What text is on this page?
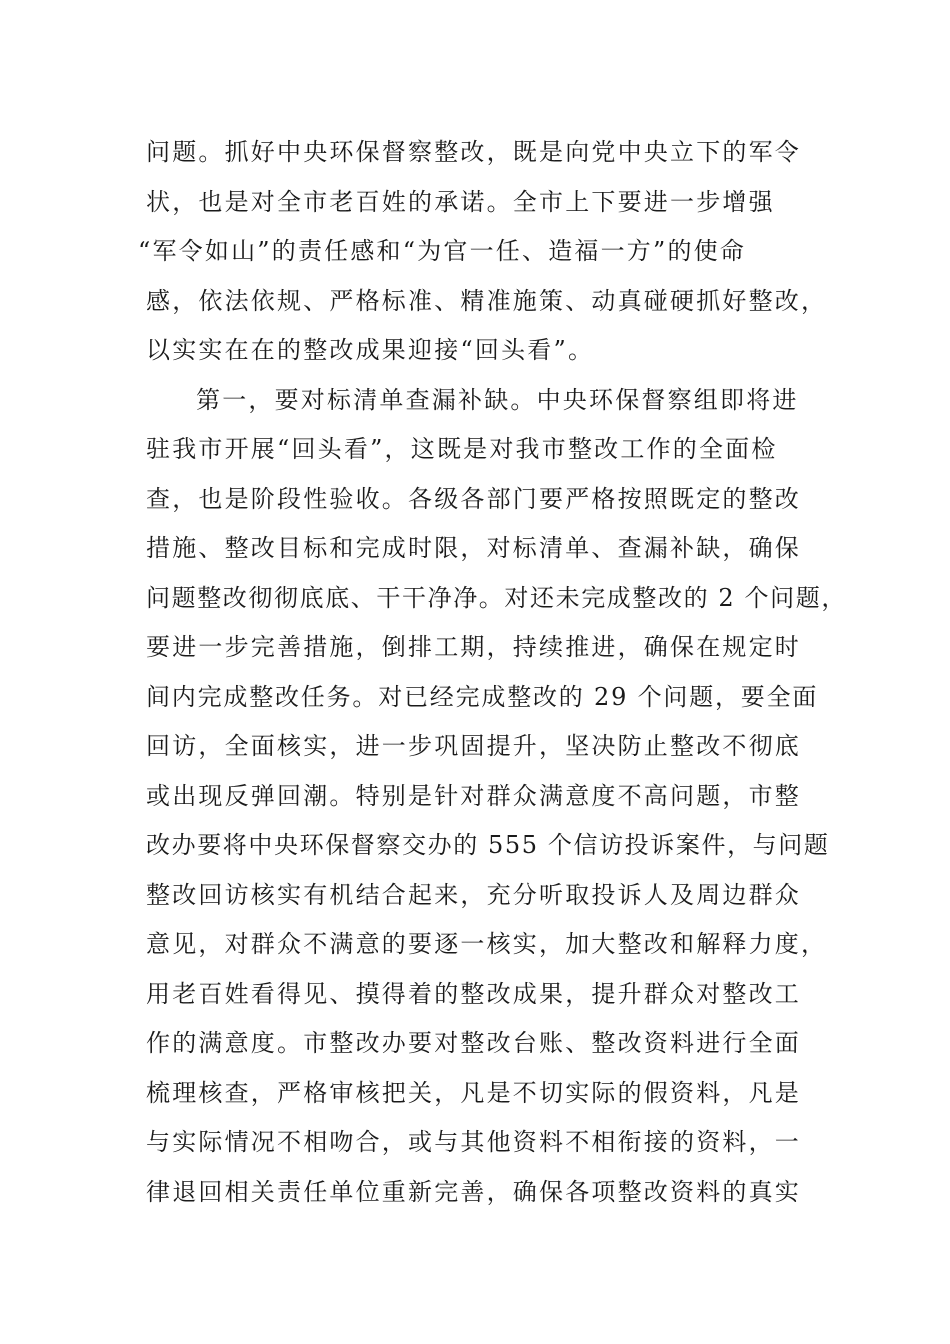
问题。抓好中央环保督察整改，既是向党中央立下的军令
状，也是对全市老百姓的承诺。全市上下要进一步增强
“军令如山”的责任感和“为官一任、造福一方”的使命
感，依法依规、严格标准、精准施策、动真碰硬抓好整改，
以实实在在的整改成果迎接“回头看”。
第一，要对标清单查漏补缺。中央环保督察组即将进
驻我市开展“回头看”，这既是对我市整改工作的全面检
查，也是阶段性验收。各级各部门要严格按照既定的整改
措施、整改目标和完成时限，对标清单、查漏补缺，确保
问题整改彻彻底底、干干净净。对还未完成整改的 2 个问题，
要进一步完善措施，倒排工期，持续推进，确保在规定时
间内完成整改任务。对已经完成整改的 29 个问题，要全面
回访，全面核实，进一步巩固提升，坚决防止整改不彻底
或出现反弹回潮。特别是针对群众满意度不高问题，市整
改办要将中央环保督察交办的 555 个信访投诉案件，与问题
整改回访核实有机结合起来，充分听取投诉人及周边群众
意见，对群众不满意的要逐一核实，加大整改和解释力度，
用老百姓看得见、摸得着的整改成果，提升群众对整改工
作的满意度。市整改办要对整改台账、整改资料进行全面
梳理核查，严格审核把关，凡是不切实际的假资料，凡是
与实际情况不相吻合，或与其他资料不相衔接的资料，一
律退回相关责任单位重新完善，确保各项整改资料的真实
